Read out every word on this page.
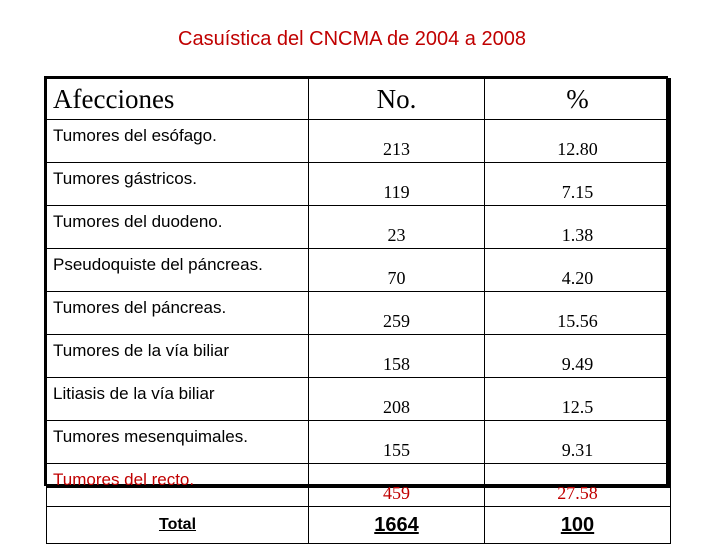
Casuística del CNCMA de 2004 a 2008
Afecciones	No.	%
Tumores del esófago.	213	12.80
Tumores gástricos.	119	7.15
Tumores del duodeno.	23	1.38
Pseudoquiste del páncreas.	70	4.20
Tumores del páncreas.	259	15.56
Tumores de la vía biliar	158	9.49
Litiasis de la vía biliar	208	12.5
Tumores mesenquimales.	155	9.31
Tumores del recto.	459	27.58
Total	1664	100
